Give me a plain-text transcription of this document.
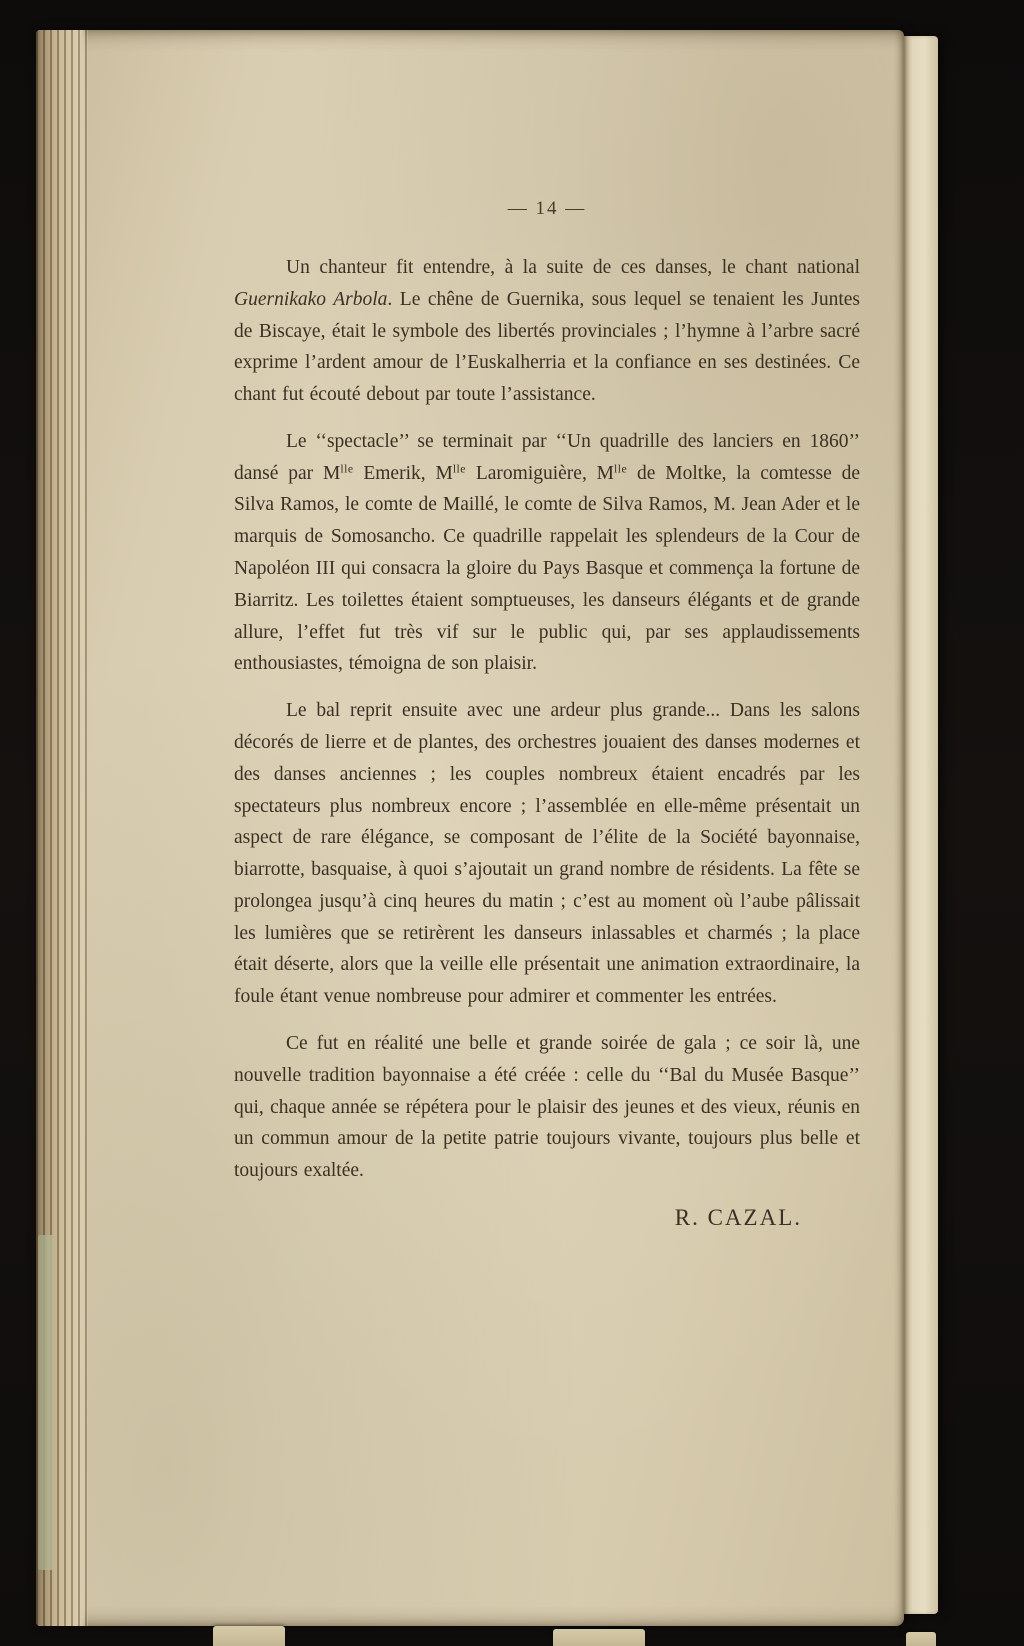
— 14 —

Un chanteur fit entendre, à la suite de ces danses, le chant national Guernikako Arbola. Le chêne de Guernika, sous lequel se tenaient les Juntes de Biscaye, était le symbole des libertés provinciales ; l’hymne à l’arbre sacré exprime l’ardent amour de l’Euskalherria et la confiance en ses destinées. Ce chant fut écouté debout par toute l’assistance.

Le ‘‘spectacle’’ se terminait par ‘‘Un quadrille des lanciers en 1860’’ dansé par $M^{lle}$ Emerik, $M^{lle}$ Laromiguière, $M^{lle}$ de Moltke, la comtesse de Silva Ramos, le comte de Maillé, le comte de Silva Ramos, M. Jean Ader et le marquis de Somosancho. Ce quadrille rappelait les splendeurs de la Cour de Napoléon III qui consacra la gloire du Pays Basque et commença la fortune de Biarritz. Les toilettes étaient somptueuses, les danseurs élégants et de grande allure, l’effet fut très vif sur le public qui, par ses applaudissements enthousiastes, témoigna de son plaisir.

Le bal reprit ensuite avec une ardeur plus grande... Dans les salons décorés de lierre et de plantes, des orchestres jouaient des danses modernes et des danses anciennes ; les couples nombreux étaient encadrés par les spectateurs plus nombreux encore ; l’assemblée en elle-même présentait un aspect de rare élégance, se composant de l’élite de la Société bayonnaise, biarrotte, basquaise, à quoi s’ajoutait un grand nombre de résidents. La fête se prolongea jusqu’à cinq heures du matin ; c’est au moment où l’aube pâlissait les lumières que se retirèrent les danseurs inlassables et charmés ; la place était déserte, alors que la veille elle présentait une animation extraordinaire, la foule étant venue nombreuse pour admirer et commenter les entrées.

Ce fut en réalité une belle et grande soirée de gala ; ce soir là, une nouvelle tradition bayonnaise a été créée : celle du ‘‘Bal du Musée Basque’’ qui, chaque année se répétera pour le plaisir des jeunes et des vieux, réunis en un commun amour de la petite patrie toujours vivante, toujours plus belle et toujours exaltée.

R. CAZAL.
